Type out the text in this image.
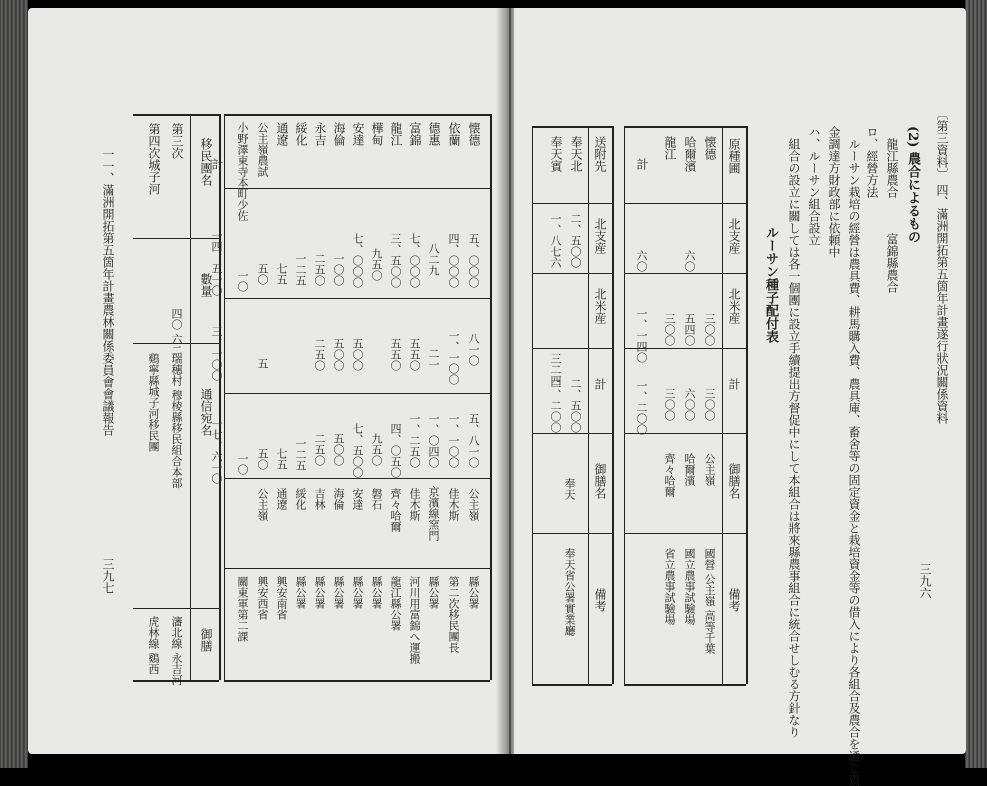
懐德
依蘭
德惠
富錦
龍江
樺甸
安達
海倫
永吉
綏化
通遼
公主嶺農試
小野澤東寺本町少佐
計
五、〇〇〇
四、〇〇〇
八二九
七、〇〇〇
三、五〇〇
九五〇
七、〇〇〇
一〇〇
二五〇
一二五
七五
五〇
一〇
一四、五一〇
八一〇
一、一〇〇
二一
五五〇
五五〇
五〇〇
五〇〇
二五〇
五
三、一〇〇
五、八一〇
一、一〇〇
一、〇四〇
一、二五〇
四、〇五〇
九五〇
七、五〇〇
五〇〇
二五〇
一二五
七五
五〇
一〇
一七、六一〇
公主嶺
佳木斯
京濱線窯門
佳木斯
齊々哈爾
磐石
安達
海倫
吉林
綏化
通遼
公主嶺
縣公署
第二次移民團長
縣公署
河川用富錦へ運搬
龍江縣公署
縣公署
縣公署
縣公署
縣公署
縣公署
興安南省
興安西省
關東軍第二課
移民團名
數量
通信宛名
御膳
第三次
四〇 六二
瑞穗村 穆棱縣移民組合本部
瀋北線 永吉河
第四次城子河
鷄寧縣城子河移民團
虎林線 鷄西
一一、滿洲開拓第五箇年計畫農林關係委員會會議報告
三九七
〔第三資料〕 四、滿洲開拓第五箇年計畫遂行狀況關係資料
三九六
(2) 農合によるもの
龍江縣農合
富錦縣農合
ロ、經營方法
ルーサン栽培の經營は農具費、耕馬購入費、農具庫、畜舍等の固定資金と栽培資金等の借入により各組合及農合を通じ資
金調達方財政部に依頼中
ハ、ルーサン組合設立
組合の設立に關しては各一個團に設立手續提出方督促中にして本組合は將來縣農事組合に統合せしむる方針なり
ルーサン種子配付表
原種圃
北支産
北米産
計
御膳名
備考
懐德
三〇〇
三〇〇
公主嶺
國營 公主嶺 高等千葉
哈爾濱
六〇
五四〇
六〇〇
哈爾濱
國立農事試驗場
龍江
三〇〇
三〇〇
齊々哈爾
省立農事試驗場
計
六〇
一、一四〇
一、二〇〇
送附先
北支産
北米産
計
御膳名
備考
奉天北
二、五〇〇
二、五〇〇
奉天
奉天省公署實業廳
奉天賓
一、八七六
三二四
二、二〇〇
